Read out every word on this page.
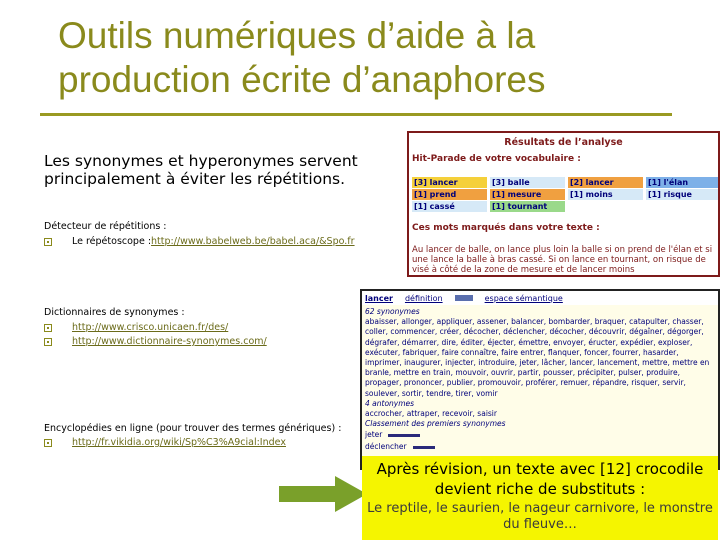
Outils numériques d’aide à la production écrite d’anaphores
Les synonymes et hyperonymes servent principalement à éviter les répétitions.
Détecteur de répétitions :
Le répétoscope : http://www.babelweb.be/babel.aca/&Spo.fr
Dictionnaires de synonymes :
http://www.crisco.unicaen.fr/des/
http://www.dictionnaire-synonymes.com/
Encyclopédies en ligne (pour trouver des termes génériques) :
http://fr.vikidia.org/wiki/Sp%C3%A9cial:Index
Résultats de l’analyse
Hit-Parade de votre vocabulaire :
[3] lancer	[3] balle	[2] lancer	[1] l'élan
[1] prend	[1] mesure	[1] moins	[1] risque
[1] cassé	[1] tournant
Ces mots marqués dans votre texte :
Au lancer de balle, on lance plus loin la balle si on prend de l'élan et si une lance la balle à bras cassé. Si on lance en tournant, on risque de visé à côté de la zone de mesure et de lancer moins
lancer définition	espace sémantique
62 synonymes
abaisser, allonger, appliquer, assener, balancer, bombarder, braquer, catapulter, chasser, coller, commencer, créer, décocher, déclencher, décocher, découvrir, dégaîner, dégorger, dégrafer, démarrer, dire, éditer, éjecter, émettre, envoyer, éructer, expédier, exploser, exécuter, fabriquer, faire connaître, faire entrer, flanquer, foncer, fourrer, hasarder, imprimer, inaugurer, injecter, introduire, jeter, lâcher, lancer, lancement, mettre, mettre en branle, mettre en train, mouvoir, ouvrir, partir, pousser, précipiter, pulser, produire, propager, prononcer, publier, promouvoir, proférer, remuer, répandre, risquer, servir, soulever, sortir, tendre, tirer, vomir
4 antonymes
accrocher, attraper, recevoir, saisir
Classement des premiers synonymes
jeter
déclencher
Après révision, un texte avec [12] crocodile devient riche de substituts :
Le reptile, le saurien, le nageur carnivore, le monstre du fleuve…
